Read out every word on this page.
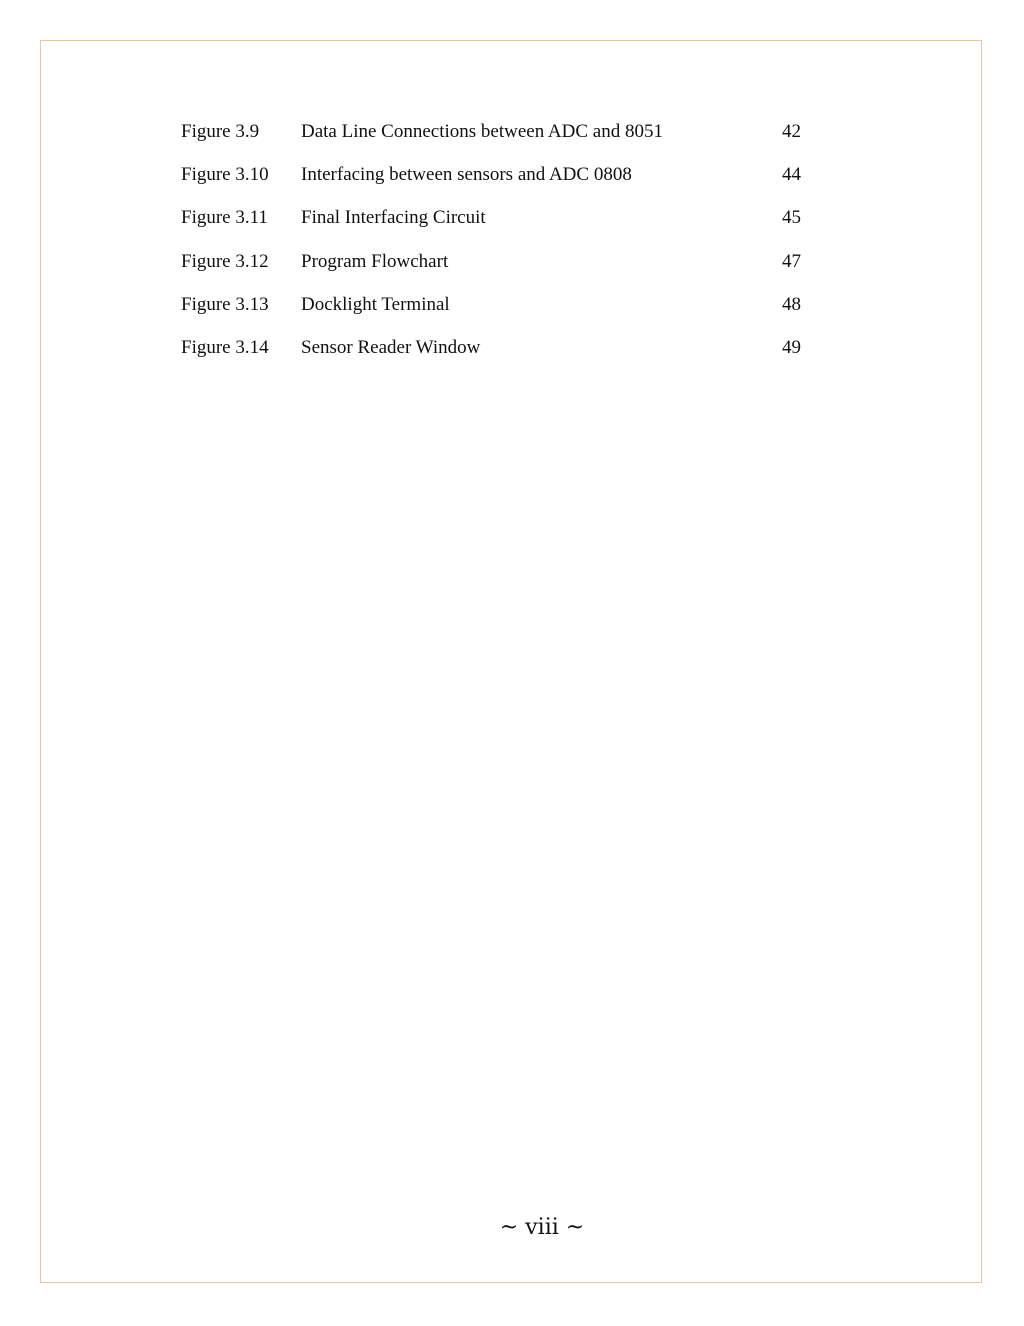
Figure 3.9 Data Line Connections between ADC and 8051	42
Figure 3.10 Interfacing between sensors and ADC 0808	44
Figure 3.11 Final Interfacing Circuit	45
Figure 3.12 Program Flowchart	47
Figure 3.13 Docklight Terminal	48
Figure 3.14 Sensor Reader Window	49
~ viii ~
